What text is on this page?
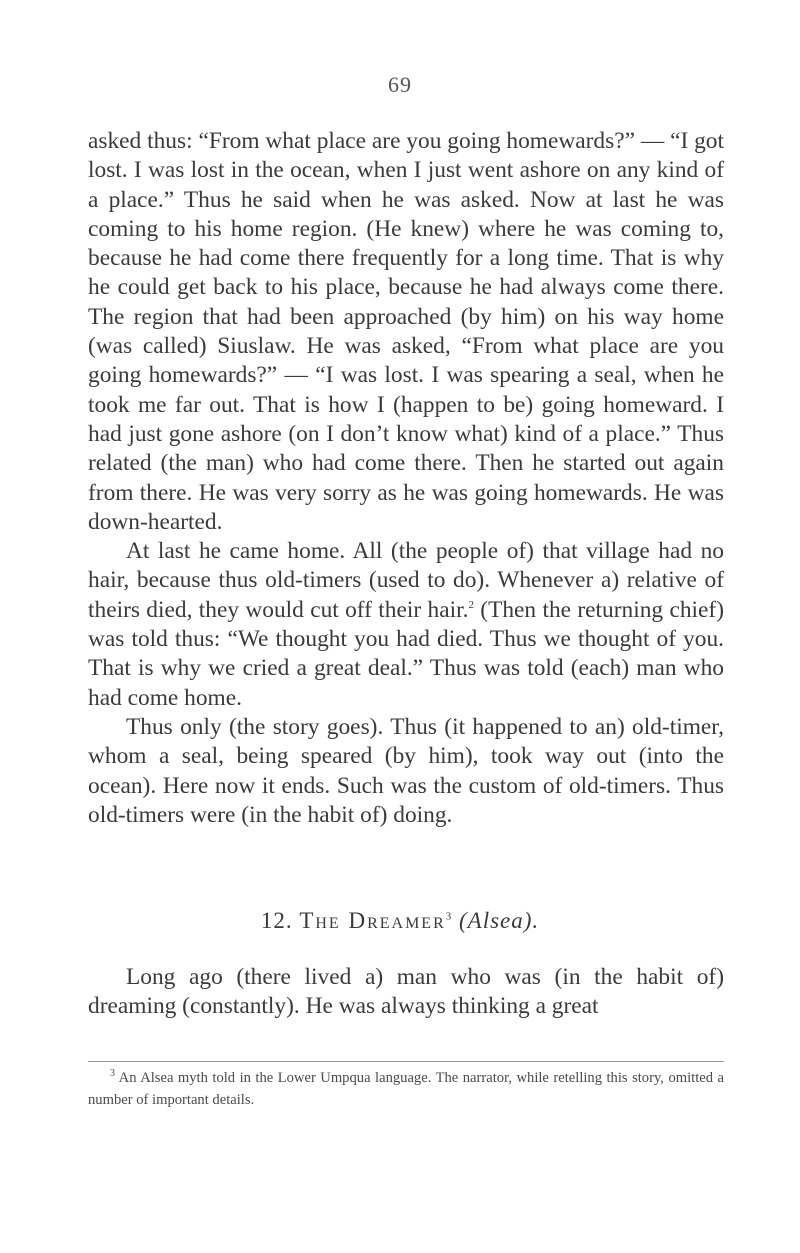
69

asked thus: “From what place are you going homewards?” — “I got lost. I was lost in the ocean, when I just went ashore on any kind of a place.” Thus he said when he was asked. Now at last he was coming to his home region. (He knew) where he was coming to, because he had come there frequently for a long time. That is why he could get back to his place, because he had always come there. The region that had been approached (by him) on his way home (was called) Siuslaw. He was asked, “From what place are you going homewards?” — “I was lost. I was spearing a seal, when he took me far out. That is how I (happen to be) going homeward. I had just gone ashore (on I don’t know what) kind of a place.” Thus related (the man) who had come there. Then he started out again from there. He was very sorry as he was going homewards. He was down-hearted.

At last he came home. All (the people of) that village had no hair, because thus old-timers (used to do). Whenever a) relative of theirs died, they would cut off their hair.$^2$ (Then the returning chief) was told thus: “We thought you had died. Thus we thought of you. That is why we cried a great deal.” Thus was told (each) man who had come home.

Thus only (the story goes). Thus (it happened to an) old-timer, whom a seal, being speared (by him), took way out (into the ocean). Here now it ends. Such was the custom of old-timers. Thus old-timers were (in the habit of) doing.

12. The Dreamer$^3$ (Alsea).

Long ago (there lived a) man who was (in the habit of) dreaming (constantly). He was always thinking a great

$^3$ An Alsea myth told in the Lower Umpqua language. The narrator, while retelling this story, omitted a number of important details.
